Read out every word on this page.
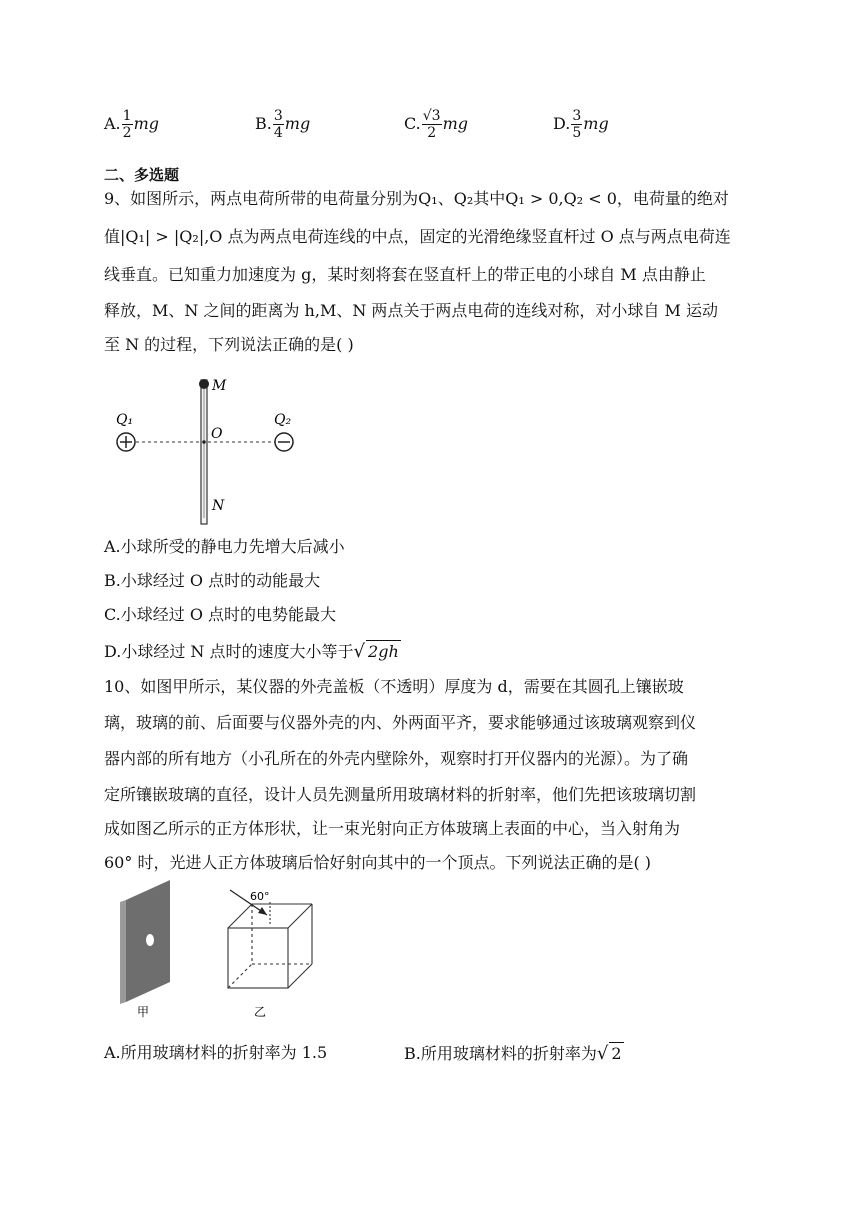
A. $\frac{1}{2}$ mg	B. $\frac{3}{4}$ mg	C. $\frac{√3}{2}$ mg	D. $\frac{3}{5}$ mg
二、多选题
9、如图所示，两点电荷所带的电荷量分别为Q₁、Q₂其中Q₁ > 0,Q₂ < 0，电荷量的绝对
值|Q₁| > |Q₂|,O 点为两点电荷连线的中点，固定的光滑绝缘竖直杆过 O 点与两点电荷连
线垂直。已知重力加速度为 g，某时刻将套在竖直杆上的带正电的小球自 M 点由静止
释放，M、N 之间的距离为 h,M、N 两点关于两点电荷的连线对称，对小球自 M 运动
至 N 的过程，下列说法正确的是( )
Q₁	Q₂
M
O
N
A.小球所受的静电力先增大后减小
B.小球经过 O 点时的动能最大
C.小球经过 O 点时的电势能最大
D.小球经过 N 点时的速度大小等于√ 2gh
10、如图甲所示，某仪器的外壳盖板（不透明）厚度为 d，需要在其圆孔上镶嵌玻
璃，玻璃的前、后面要与仪器外壳的内、外两面平齐，要求能够通过该玻璃观察到仪
器内部的所有地方（小孔所在的外壳内壁除外，观察时打开仪器内的光源）。为了确
定所镶嵌玻璃的直径，设计人员先测量所用玻璃材料的折射率，他们先把该玻璃切割
成如图乙所示的正方体形状，让一束光射向正方体玻璃上表面的中心，当入射角为
60° 时，光进人正方体玻璃后恰好射向其中的一个顶点。下列说法正确的是( )
甲
60°
乙
A.所用玻璃材料的折射率为 1.5	B.所用玻璃材料的折射率为√ 2
